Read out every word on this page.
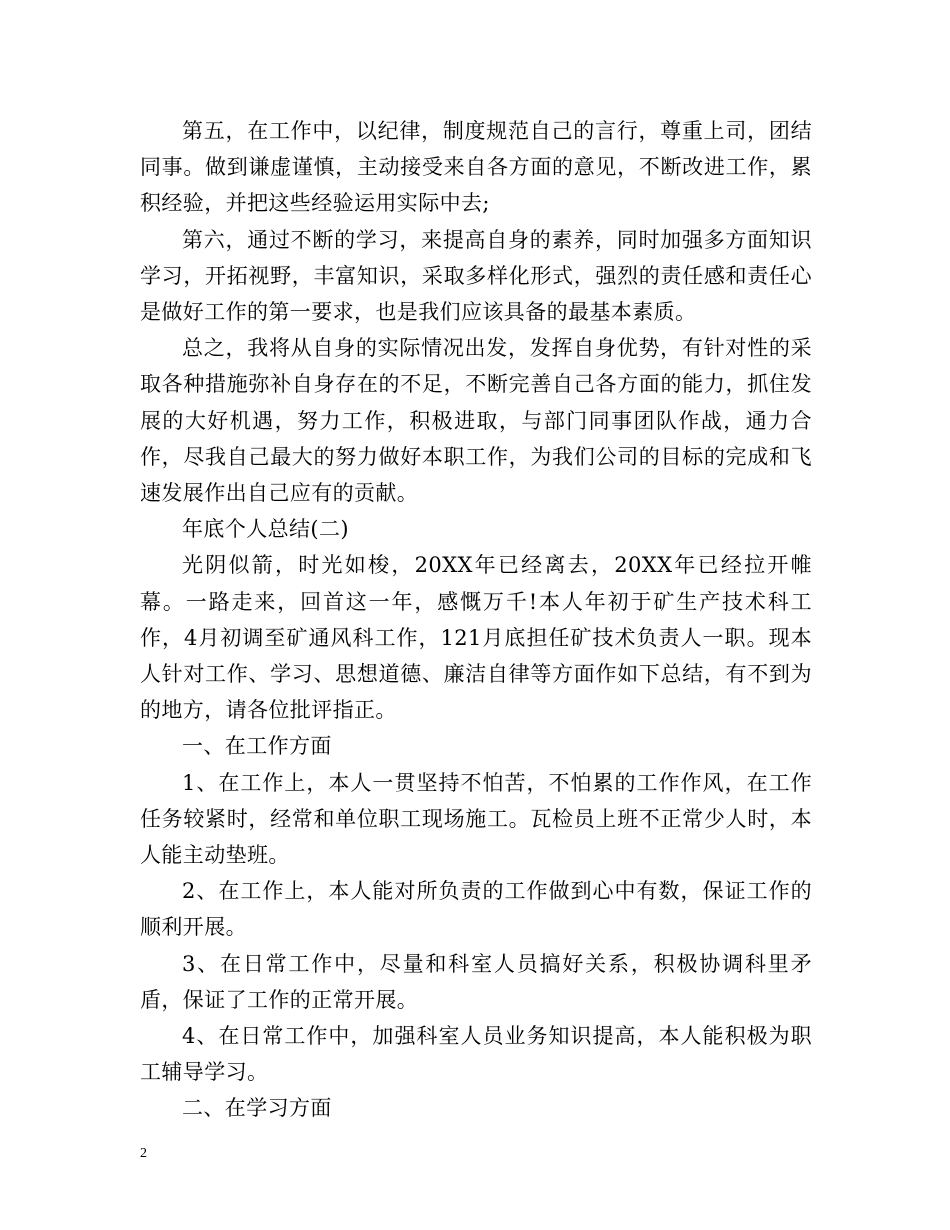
第五，在工作中，以纪律，制度规范自己的言行，尊重上司，团结同事。做到谦虚谨慎，主动接受来自各方面的意见，不断改进工作，累积经验，并把这些经验运用实际中去;

第六，通过不断的学习，来提高自身的素养，同时加强多方面知识学习，开拓视野，丰富知识，采取多样化形式，强烈的责任感和责任心是做好工作的第一要求，也是我们应该具备的最基本素质。

总之，我将从自身的实际情况出发，发挥自身优势，有针对性的采取各种措施弥补自身存在的不足，不断完善自己各方面的能力，抓住发展的大好机遇，努力工作，积极进取，与部门同事团队作战，通力合作，尽我自己最大的努力做好本职工作，为我们公司的目标的完成和飞速发展作出自己应有的贡献。

年底个人总结(二)

光阴似箭，时光如梭，20XX年已经离去，20XX年已经拉开帷幕。一路走来，回首这一年，感慨万千!本人年初于矿生产技术科工作，4月初调至矿通风科工作，121月底担任矿技术负责人一职。现本人针对工作、学习、思想道德、廉洁自律等方面作如下总结，有不到为的地方，请各位批评指正。

一、在工作方面

1、在工作上，本人一贯坚持不怕苦，不怕累的工作作风，在工作任务较紧时，经常和单位职工现场施工。瓦检员上班不正常少人时，本人能主动垫班。

2、在工作上，本人能对所负责的工作做到心中有数，保证工作的顺利开展。

3、在日常工作中，尽量和科室人员搞好关系，积极协调科里矛盾，保证了工作的正常开展。

4、在日常工作中，加强科室人员业务知识提高，本人能积极为职工辅导学习。

二、在学习方面

2
